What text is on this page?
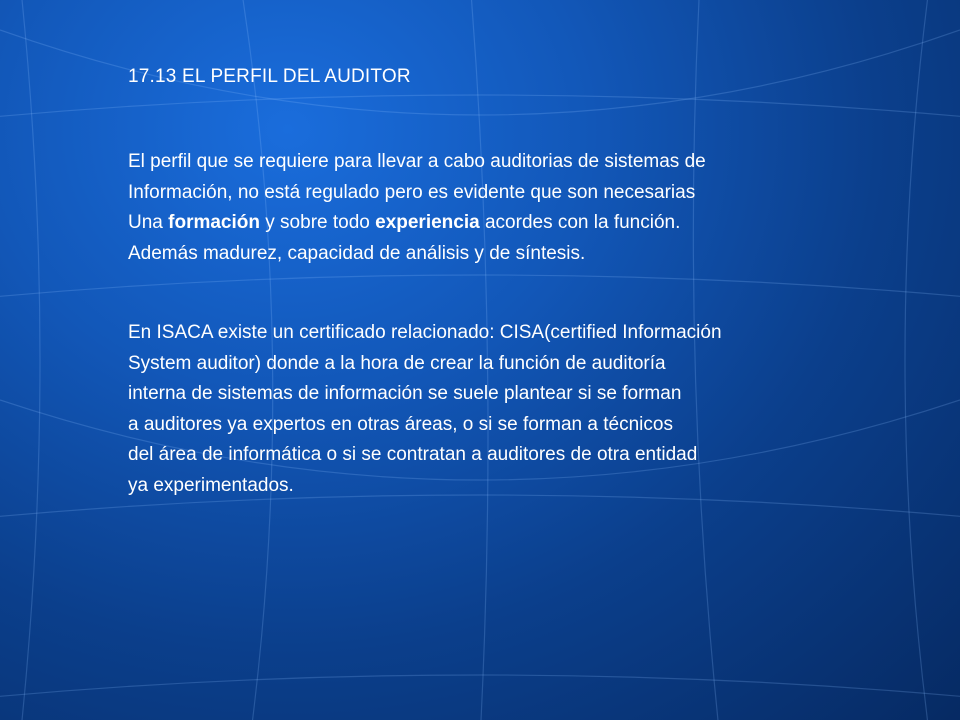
17.13 EL PERFIL DEL AUDITOR

El perfil que se requiere para llevar a cabo auditorias de sistemas de
Información, no está regulado pero es evidente que son necesarias
Una formación y sobre todo experiencia acordes con la función.
Además madurez, capacidad de análisis y de síntesis.

En ISACA existe un certificado relacionado: CISA(certified Información
System auditor) donde a la hora de crear la función de auditoría
interna de sistemas de información se suele plantear si se forman
a auditores ya expertos en otras áreas, o si se forman a técnicos
del área de informática o si se contratan a auditores de otra entidad
ya experimentados.
